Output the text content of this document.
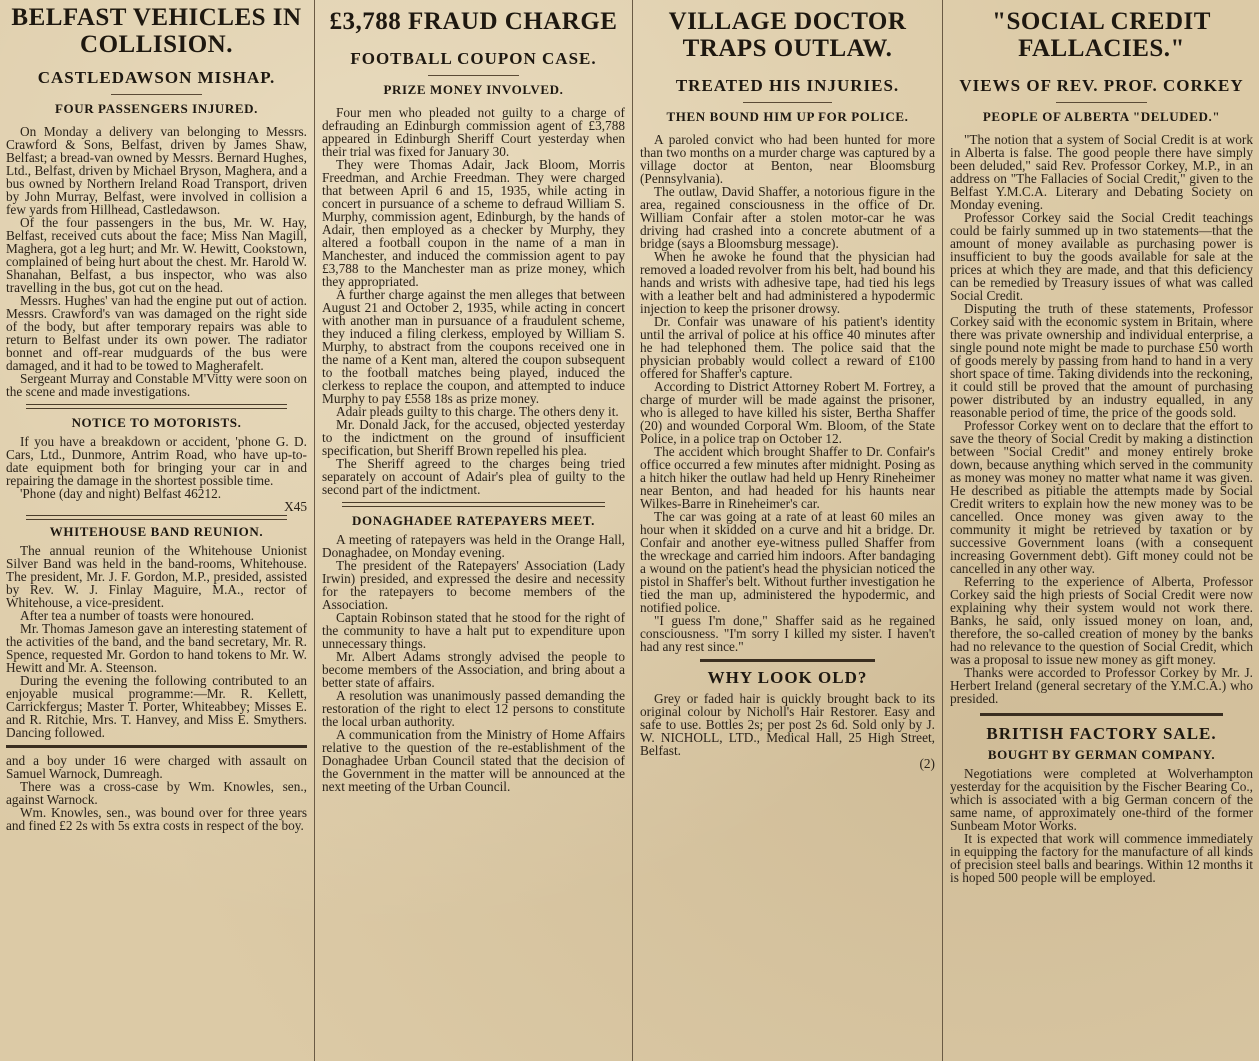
BELFAST VEHICLES IN COLLISION.
CASTLEDAWSON MISHAP.
FOUR PASSENGERS INJURED.

On Monday a delivery van belonging to Messrs. Crawford & Sons, Belfast, driven by James Shaw, Belfast; a bread-van owned by Messrs. Bernard Hughes, Ltd., Belfast, driven by Michael Bryson, Maghera, and a bus owned by Northern Ireland Road Transport, driven by John Murray, Belfast, were involved in collision a few yards from Hillhead, Castledawson.

Of the four passengers in the bus, Mr. W. Hay, Belfast, received cuts about the face; Miss Nan Magill, Maghera, got a leg hurt; and Mr. W. Hewitt, Cookstown, complained of being hurt about the chest. Mr. Harold W. Shanahan, Belfast, a bus inspector, who was also travelling in the bus, got cut on the head.

Messrs. Hughes' van had the engine put out of action. Messrs. Crawford's van was damaged on the right side of the body, but after temporary repairs was able to return to Belfast under its own power. The radiator bonnet and off-rear mudguards of the bus were damaged, and it had to be towed to Magherafelt.

Sergeant Murray and Constable M'Vitty were soon on the scene and made investigations.

NOTICE TO MOTORISTS.

If you have a breakdown or accident, 'phone G. D. Cars, Ltd., Dunmore, Antrim Road, who have up-to-date equipment both for bringing your car in and repairing the damage in the shortest possible time.

'Phone (day and night) Belfast 46212.

X45

WHITEHOUSE BAND REUNION.

The annual reunion of the Whitehouse Unionist Silver Band was held in the band-rooms, Whitehouse. The president, Mr. J. F. Gordon, M.P., presided, assisted by Rev. W. J. Finlay Maguire, M.A., rector of Whitehouse, a vice-president.

After tea a number of toasts were honoured.

Mr. Thomas Jameson gave an interesting statement of the activities of the band, and the band secretary, Mr. R. Spence, requested Mr. Gordon to hand tokens to Mr. W. Hewitt and Mr. A. Steenson.

During the evening the following contributed to an enjoyable musical programme:—Mr. R. Kellett, Carrickfergus; Master T. Porter, Whiteabbey; Misses E. and R. Ritchie, Mrs. T. Hanvey, and Miss E. Smythers. Dancing followed.

and a boy under 16 were charged with assault on Samuel Warnock, Dumreagh.

There was a cross-case by Wm. Knowles, sen., against Warnock.

Wm. Knowles, sen., was bound over for three years and fined £2 2s with 5s extra costs in respect of the boy.

£3,788 FRAUD CHARGE
FOOTBALL COUPON CASE.
PRIZE MONEY INVOLVED.

Four men who pleaded not guilty to a charge of defrauding an Edinburgh commission agent of £3,788 appeared in Edinburgh Sheriff Court yesterday when their trial was fixed for January 30.

They were Thomas Adair, Jack Bloom, Morris Freedman, and Archie Freedman. They were charged that between April 6 and 15, 1935, while acting in concert in pursuance of a scheme to defraud William S. Murphy, commission agent, Edinburgh, by the hands of Adair, then employed as a checker by Murphy, they altered a football coupon in the name of a man in Manchester, and induced the commission agent to pay £3,788 to the Manchester man as prize money, which they appropriated.

A further charge against the men alleges that between August 21 and October 2, 1935, while acting in concert with another man in pursuance of a fraudulent scheme, they induced a filing clerkess, employed by William S. Murphy, to abstract from the coupons received one in the name of a Kent man, altered the coupon subsequent to the football matches being played, induced the clerkess to replace the coupon, and attempted to induce Murphy to pay £558 18s as prize money.

Adair pleads guilty to this charge. The others deny it.

Mr. Donald Jack, for the accused, objected yesterday to the indictment on the ground of insufficient specification, but Sheriff Brown repelled his plea.

The Sheriff agreed to the charges being tried separately on account of Adair's plea of guilty to the second part of the indictment.

DONAGHADEE RATEPAYERS MEET.

A meeting of ratepayers was held in the Orange Hall, Donaghadee, on Monday evening.

The president of the Ratepayers' Association (Lady Irwin) presided, and expressed the desire and necessity for the ratepayers to become members of the Association.

Captain Robinson stated that he stood for the right of the community to have a halt put to expenditure upon unnecessary things.

Mr. Albert Adams strongly advised the people to become members of the Association, and bring about a better state of affairs.

A resolution was unanimously passed demanding the restoration of the right to elect 12 persons to constitute the local urban authority.

A communication from the Ministry of Home Affairs relative to the question of the re-establishment of the Donaghadee Urban Council stated that the decision of the Government in the matter will be announced at the next meeting of the Urban Council.

VILLAGE DOCTOR TRAPS OUTLAW.
TREATED HIS INJURIES.
THEN BOUND HIM UP FOR POLICE.

A paroled convict who had been hunted for more than two months on a murder charge was captured by a village doctor at Benton, near Bloomsburg (Pennsylvania).

The outlaw, David Shaffer, a notorious figure in the area, regained consciousness in the office of Dr. William Confair after a stolen motor-car he was driving had crashed into a concrete abutment of a bridge (says a Bloomsburg message).

When he awoke he found that the physician had removed a loaded revolver from his belt, had bound his hands and wrists with adhesive tape, had tied his legs with a leather belt and had administered a hypodermic injection to keep the prisoner drowsy.

Dr. Confair was unaware of his patient's identity until the arrival of police at his office 40 minutes after he had telephoned them. The police said that the physician probably would collect a reward of £100 offered for Shaffer's capture.

According to District Attorney Robert M. Fortrey, a charge of murder will be made against the prisoner, who is alleged to have killed his sister, Bertha Shaffer (20) and wounded Corporal Wm. Bloom, of the State Police, in a police trap on October 12.

The accident which brought Shaffer to Dr. Confair's office occurred a few minutes after midnight. Posing as a hitch hiker the outlaw had held up Henry Rineheimer near Benton, and had headed for his haunts near Wilkes-Barre in Rineheimer's car.

The car was going at a rate of at least 60 miles an hour when it skidded on a curve and hit a bridge. Dr. Confair and another eye-witness pulled Shaffer from the wreckage and carried him indoors. After bandaging a wound on the patient's head the physician noticed the pistol in Shaffer's belt. Without further investigation he tied the man up, administered the hypodermic, and notified police.

"I guess I'm done," Shaffer said as he regained consciousness. "I'm sorry I killed my sister. I haven't had any rest since."

WHY LOOK OLD?

Grey or faded hair is quickly brought back to its original colour by Nicholl's Hair Restorer. Easy and safe to use. Bottles 2s; per post 2s 6d. Sold only by J. W. NICHOLL, LTD., Medical Hall, 25 High Street, Belfast.

(2)

"SOCIAL CREDIT FALLACIES."
VIEWS OF REV. PROF. CORKEY
PEOPLE OF ALBERTA "DELUDED."

"The notion that a system of Social Credit is at work in Alberta is false. The good people there have simply been deluded," said Rev. Professor Corkey, M.P., in an address on "The Fallacies of Social Credit," given to the Belfast Y.M.C.A. Literary and Debating Society on Monday evening.

Professor Corkey said the Social Credit teachings could be fairly summed up in two statements—that the amount of money available as purchasing power is insufficient to buy the goods available for sale at the prices at which they are made, and that this deficiency can be remedied by Treasury issues of what was called Social Credit.

Disputing the truth of these statements, Professor Corkey said with the economic system in Britain, where there was private ownership and individual enterprise, a single pound note might be made to purchase £50 worth of goods merely by passing from hand to hand in a very short space of time. Taking dividends into the reckoning, it could still be proved that the amount of purchasing power distributed by an industry equalled, in any reasonable period of time, the price of the goods sold.

Professor Corkey went on to declare that the effort to save the theory of Social Credit by making a distinction between "Social Credit" and money entirely broke down, because anything which served in the community as money was money no matter what name it was given. He described as pitiable the attempts made by Social Credit writers to explain how the new money was to be cancelled. Once money was given away to the community it might be retrieved by taxation or by successive Government loans (with a consequent increasing Government debt). Gift money could not be cancelled in any other way.

Referring to the experience of Alberta, Professor Corkey said the high priests of Social Credit were now explaining why their system would not work there. Banks, he said, only issued money on loan, and, therefore, the so-called creation of money by the banks had no relevance to the question of Social Credit, which was a proposal to issue new money as gift money.

Thanks were accorded to Professor Corkey by Mr. J. Herbert Ireland (general secretary of the Y.M.C.A.) who presided.

BRITISH FACTORY SALE.
BOUGHT BY GERMAN COMPANY.

Negotiations were completed at Wolverhampton yesterday for the acquisition by the Fischer Bearing Co., which is associated with a big German concern of the same name, of approximately one-third of the former Sunbeam Motor Works.

It is expected that work will commence immediately in equipping the factory for the manufacture of all kinds of precision steel balls and bearings. Within 12 months it is hoped 500 people will be employed.
